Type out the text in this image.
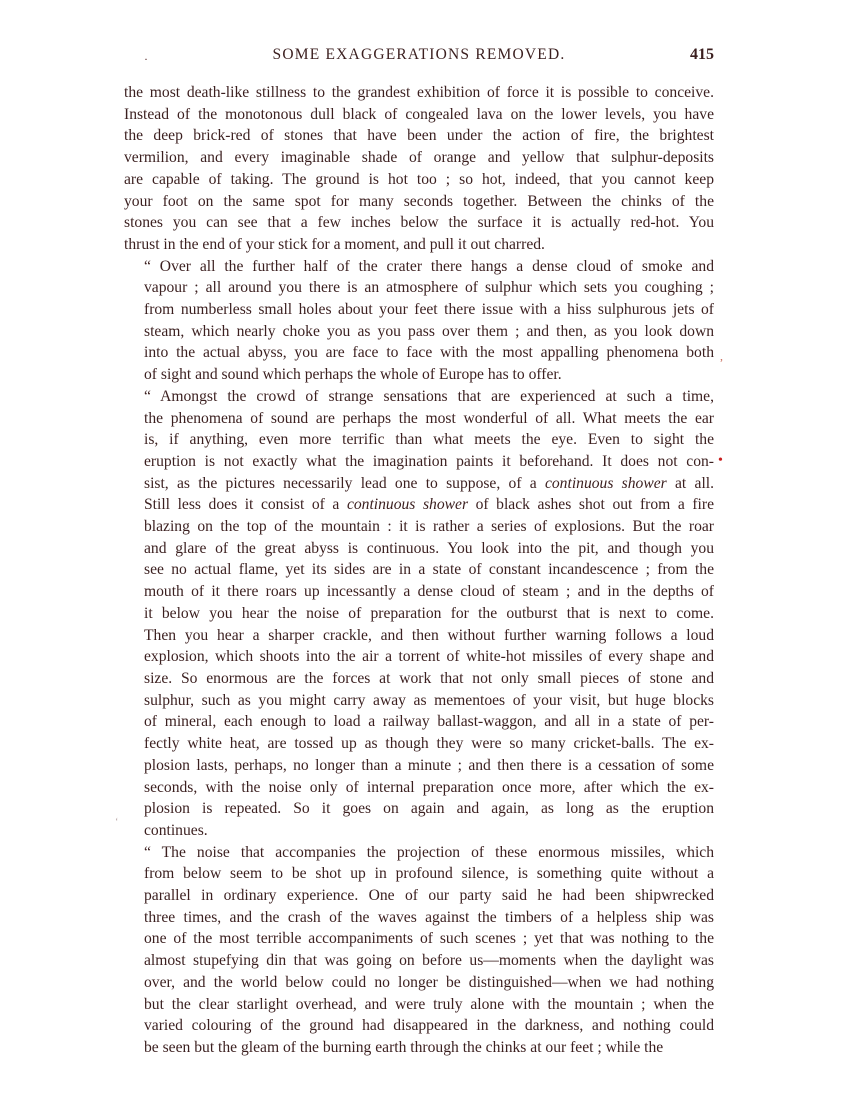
·	SOME EXAGGERATIONS REMOVED.	415

the most death-like stillness to the grandest exhibition of force it is possible to conceive.
Instead of the monotonous dull black of congealed lava on the lower levels, you have
the deep brick-red of stones that have been under the action of fire, the brightest
vermilion, and every imaginable shade of orange and yellow that sulphur-deposits
are capable of taking. The ground is hot too ; so hot, indeed, that you cannot keep
your foot on the same spot for many seconds together. Between the chinks of the
stones you can see that a few inches below the surface it is actually red-hot. You
thrust in the end of your stick for a moment, and pull it out charred.

“ Over all the further half of the crater there hangs a dense cloud of smoke and
vapour ; all around you there is an atmosphere of sulphur which sets you coughing ;
from numberless small holes about your feet there issue with a hiss sulphurous jets of
steam, which nearly choke you as you pass over them ; and then, as you look down
into the actual abyss, you are face to face with the most appalling phenomena both
of sight and sound which perhaps the whole of Europe has to offer.

“ Amongst the crowd of strange sensations that are experienced at such a time,
the phenomena of sound are perhaps the most wonderful of all. What meets the ear
is, if anything, even more terrific than what meets the eye. Even to sight the
eruption is not exactly what the imagination paints it beforehand. It does not con-
sist, as the pictures necessarily lead one to suppose, of a continuous shower at all.
Still less does it consist of a continuous shower of black ashes shot out from a fire
blazing on the top of the mountain : it is rather a series of explosions. But the roar
and glare of the great abyss is continuous. You look into the pit, and though you
see no actual flame, yet its sides are in a state of constant incandescence ; from the
mouth of it there roars up incessantly a dense cloud of steam ; and in the depths of
it below you hear the noise of preparation for the outburst that is next to come.
Then you hear a sharper crackle, and then without further warning follows a loud
explosion, which shoots into the air a torrent of white-hot missiles of every shape and
size. So enormous are the forces at work that not only small pieces of stone and
sulphur, such as you might carry away as mementoes of your visit, but huge blocks
of mineral, each enough to load a railway ballast-waggon, and all in a state of per-
fectly white heat, are tossed up as though they were so many cricket-balls. The ex-
plosion lasts, perhaps, no longer than a minute ; and then there is a cessation of some
seconds, with the noise only of internal preparation once more, after which the ex-
plosion is repeated. So it goes on again and again, as long as the eruption
continues.

“ The noise that accompanies the projection of these enormous missiles, which
from below seem to be shot up in profound silence, is something quite without a
parallel in ordinary experience. One of our party said he had been shipwrecked
three times, and the crash of the waves against the timbers of a helpless ship was
one of the most terrible accompaniments of such scenes ; yet that was nothing to the
almost stupefying din that was going on before us—moments when the daylight was
over, and the world below could no longer be distinguished—when we had nothing
but the clear starlight overhead, and were truly alone with the mountain ; when the
varied colouring of the ground had disappeared in the darkness, and nothing could
be seen but the gleam of the burning earth through the chinks at our feet ; while the

,
•
‘
